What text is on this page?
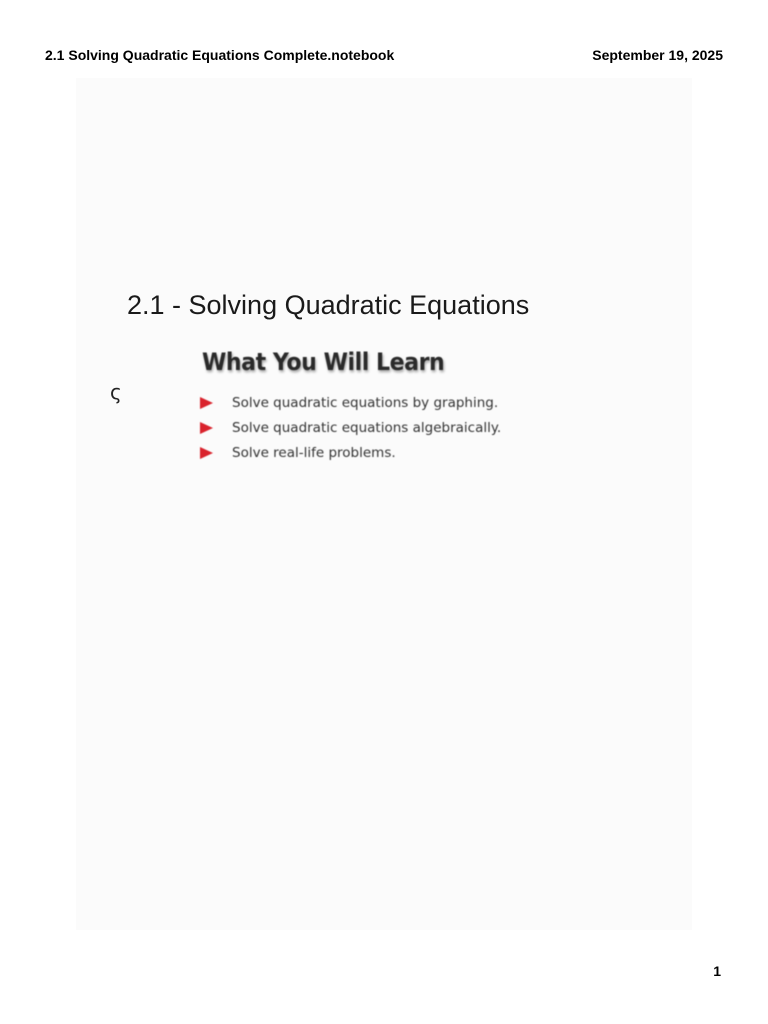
2.1 Solving Quadratic Equations Complete.notebook	September 19, 2025
2.1 - Solving Quadratic Equations
ς
What You Will Learn
Solve quadratic equations by graphing.
Solve quadratic equations algebraically.
Solve real-life problems.
1
